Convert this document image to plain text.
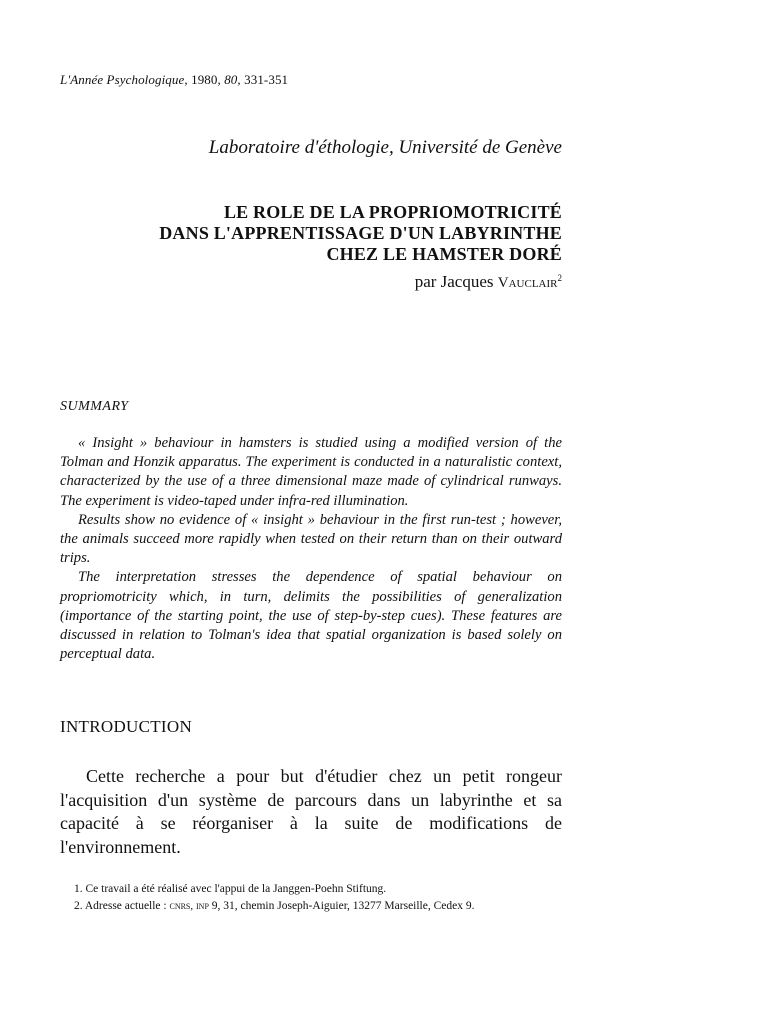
L'Année Psychologique, 1980, 80, 331-351
Laboratoire d'éthologie, Université de Genève
LE ROLE DE LA PROPRIOMOTRICITÉ
DANS L'APPRENTISSAGE D'UN LABYRINTHE
CHEZ LE HAMSTER DORÉ
par Jacques Vauclair$^2$
SUMMARY

« Insight » behaviour in hamsters is studied using a modified version of the Tolman and Honzik apparatus. The experiment is conducted in a naturalistic context, characterized by the use of a three dimensional maze made of cylindrical runways. The experiment is video-taped under infra-red illumination.

Results show no evidence of « insight » behaviour in the first run-test ; however, the animals succeed more rapidly when tested on their return than on their outward trips.

The interpretation stresses the dependence of spatial behaviour on propriomotricity which, in turn, delimits the possibilities of generalization (importance of the starting point, the use of step-by-step cues). These features are discussed in relation to Tolman's idea that spatial organization is based solely on perceptual data.

INTRODUCTION

Cette recherche a pour but d'étudier chez un petit rongeur l'acquisition d'un système de parcours dans un labyrinthe et sa capacité à se réorganiser à la suite de modifications de l'environnement.

1. Ce travail a été réalisé avec l'appui de la Janggen-Poehn Stiftung.

2. Adresse actuelle : cnrs, inp 9, 31, chemin Joseph-Aiguier, 13277 Marseille, Cedex 9.
